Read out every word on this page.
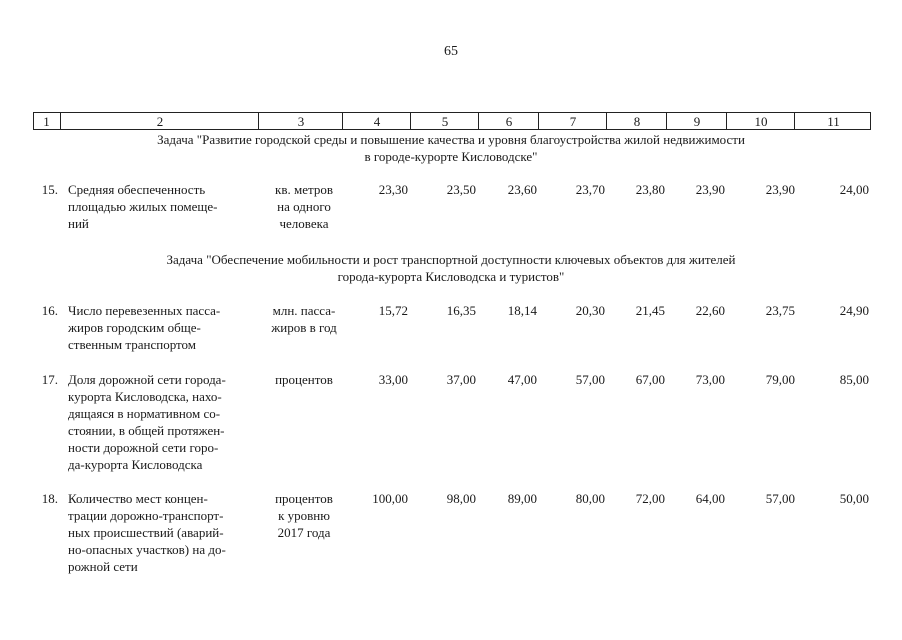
65
1	2	3	4	5	6	7	8	9	10	11
Задача "Развитие городской среды и повышение качества и уровня благоустройства жилой недвижимости
в городе-курорте Кисловодске"
Задача "Обеспечение мобильности и рост транспортной доступности ключевых объектов для жителей
города-курорта Кисловодска и туристов"
15. Средняя обеспеченность
площадью жилых помеще-
ний
кв. метров
на одного
человека
23,30	23,50	23,60	23,70	23,80	23,90	23,90	24,00
16. Число перевезенных пасса-
жиров городским обще-
ственным транспортом
млн. пасса-
жиров в год
15,72	16,35	18,14	20,30	21,45	22,60	23,75	24,90
17. Доля дорожной сети города-
курорта Кисловодска, нахо-
дящаяся в нормативном со-
стоянии, в общей протяжен-
ности дорожной сети горо-
да-курорта Кисловодска
процентов	33,00	37,00	47,00	57,00	67,00	73,00	79,00	85,00
18. Количество мест концен-
трации дорожно-транспорт-
ных происшествий (аварий-
но-опасных участков) на до-
рожной сети
процентов
к уровню
2017 года
100,00	98,00	89,00	80,00	72,00	64,00	57,00	50,00
